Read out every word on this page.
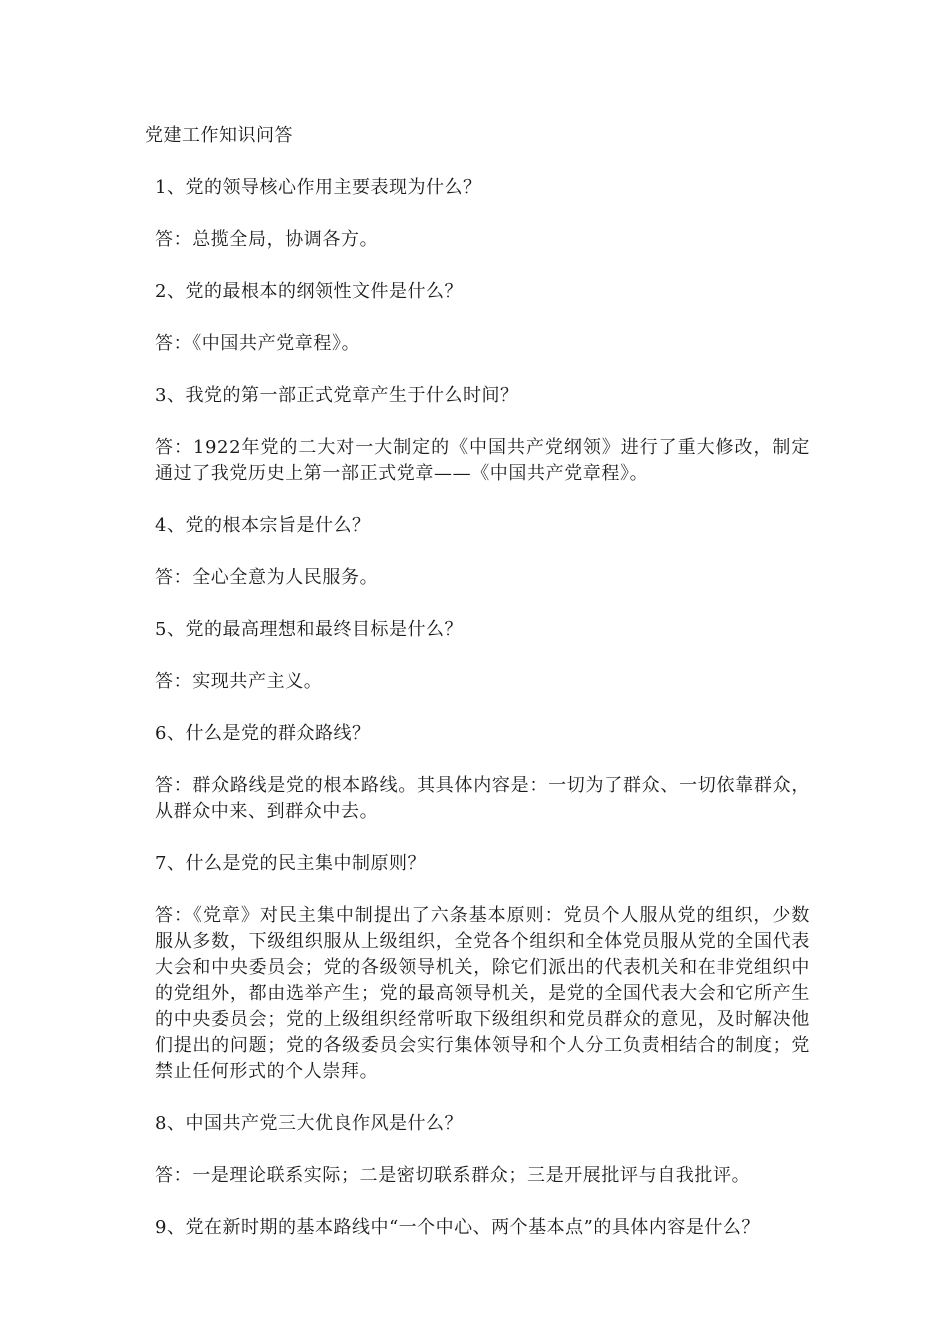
党建工作知识问答

1、党的领导核心作用主要表现为什么？

答：总揽全局，协调各方。

2、党的最根本的纲领性文件是什么？

答：《中国共产党章程》。

3、我党的第一部正式党章产生于什么时间？

答：1922年党的二大对一大制定的《中国共产党纲领》进行了重大修改，制定通过了我党历史上第一部正式党章——《中国共产党章程》。

4、党的根本宗旨是什么？

答：全心全意为人民服务。

5、党的最高理想和最终目标是什么？

答：实现共产主义。

6、什么是党的群众路线？

答：群众路线是党的根本路线。其具体内容是：一切为了群众、一切依靠群众，从群众中来、到群众中去。

7、什么是党的民主集中制原则？

答：《党章》对民主集中制提出了六条基本原则：党员个人服从党的组织，少数服从多数，下级组织服从上级组织，全党各个组织和全体党员服从党的全国代表大会和中央委员会；党的各级领导机关，除它们派出的代表机关和在非党组织中的党组外，都由选举产生；党的最高领导机关，是党的全国代表大会和它所产生的中央委员会；党的上级组织经常听取下级组织和党员群众的意见，及时解决他们提出的问题；党的各级委员会实行集体领导和个人分工负责相结合的制度；党禁止任何形式的个人崇拜。

8、中国共产党三大优良作风是什么？

答：一是理论联系实际；二是密切联系群众；三是开展批评与自我批评。

9、党在新时期的基本路线中“一个中心、两个基本点”的具体内容是什么？
